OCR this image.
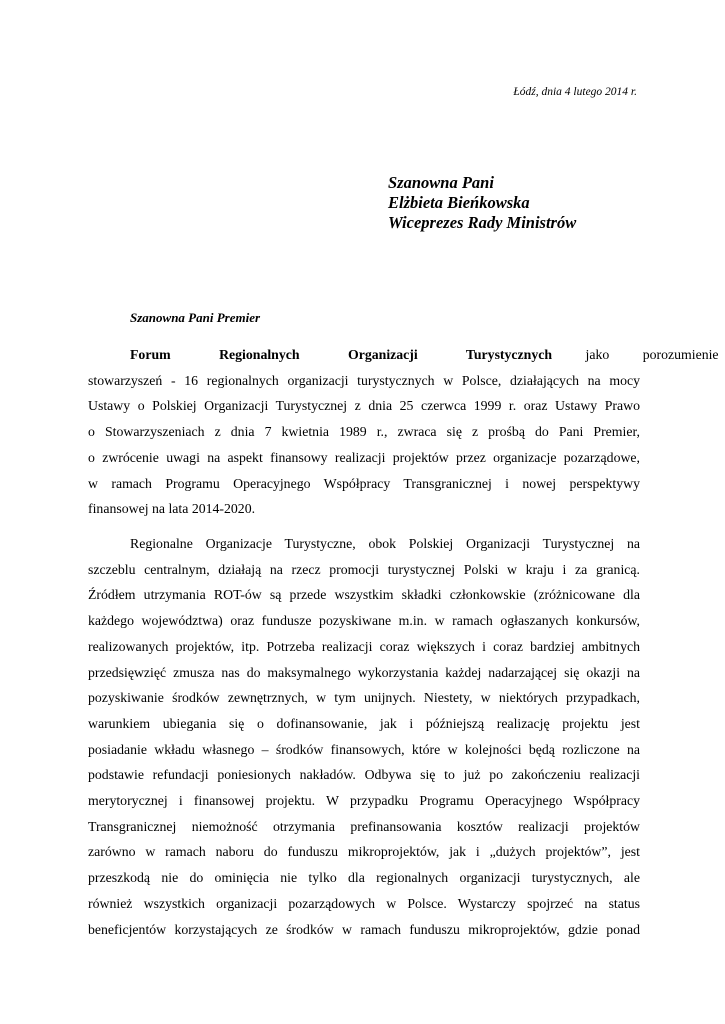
Łódź, dnia 4 lutego 2014 r.
Szanowna Pani
Elżbieta Bieńkowska
Wiceprezes Rady Ministrów
Szanowna Pani Premier
Forum Regionalnych Organizacji Turystycznych jako porozumienie
stowarzyszeń - 16 regionalnych organizacji turystycznych w Polsce, działających na mocy
Ustawy o Polskiej Organizacji Turystycznej z dnia 25 czerwca 1999 r. oraz Ustawy Prawo
o Stowarzyszeniach z dnia 7 kwietnia 1989 r., zwraca się z prośbą do Pani Premier,
o zwrócenie uwagi na aspekt finansowy realizacji projektów przez organizacje pozarządowe,
w ramach Programu Operacyjnego Współpracy Transgranicznej i nowej perspektywy
finansowej na lata 2014-2020.
Regionalne Organizacje Turystyczne, obok Polskiej Organizacji Turystycznej na
szczeblu centralnym, działają na rzecz promocji turystycznej Polski w kraju i za granicą.
Źródłem utrzymania ROT-ów są przede wszystkim składki członkowskie (zróżnicowane dla
każdego województwa) oraz fundusze pozyskiwane m.in. w ramach ogłaszanych konkursów,
realizowanych projektów, itp. Potrzeba realizacji coraz większych i coraz bardziej ambitnych
przedsięwzięć zmusza nas do maksymalnego wykorzystania każdej nadarzającej się okazji na
pozyskiwanie środków zewnętrznych, w tym unijnych. Niestety, w niektórych przypadkach,
warunkiem ubiegania się o dofinansowanie, jak i późniejszą realizację projektu jest
posiadanie wkładu własnego – środków finansowych, które w kolejności będą rozliczone na
podstawie refundacji poniesionych nakładów. Odbywa się to już po zakończeniu realizacji
merytorycznej i finansowej projektu. W przypadku Programu Operacyjnego Współpracy
Transgranicznej niemożność otrzymania prefinansowania kosztów realizacji projektów
zarówno w ramach naboru do funduszu mikroprojektów, jak i „dużych projektów”, jest
przeszkodą nie do ominięcia nie tylko dla regionalnych organizacji turystycznych, ale
również wszystkich organizacji pozarządowych w Polsce. Wystarczy spojrzeć na status
beneficjentów korzystających ze środków w ramach funduszu mikroprojektów, gdzie ponad
